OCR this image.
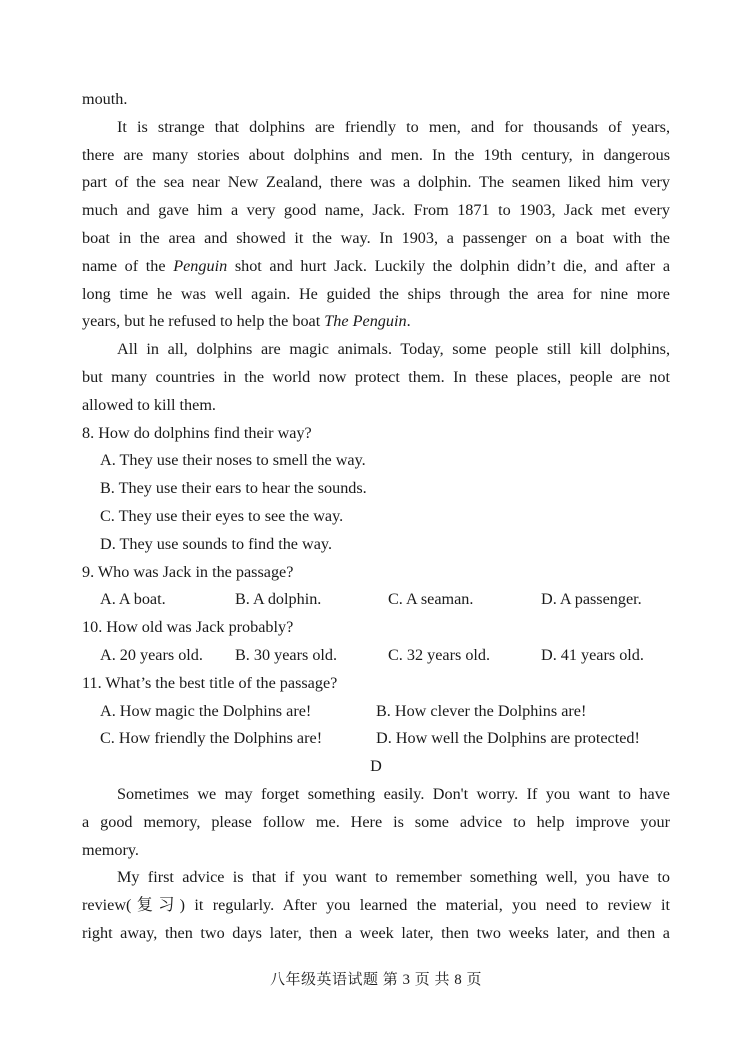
mouth.
It is strange that dolphins are friendly to men, and for thousands of years,
there are many stories about dolphins and men. In the 19th century, in dangerous
part of the sea near New Zealand, there was a dolphin. The seamen liked him very
much and gave him a very good name, Jack. From 1871 to 1903, Jack met every
boat in the area and showed it the way. In 1903, a passenger on a boat with the
name of the Penguin shot and hurt Jack. Luckily the dolphin didn’t die, and after a
long time he was well again. He guided the ships through the area for nine more
years, but he refused to help the boat The Penguin.
All in all, dolphins are magic animals. Today, some people still kill dolphins,
but many countries in the world now protect them. In these places, people are not
allowed to kill them.
8. How do dolphins find their way?
A. They use their noses to smell the way.
B. They use their ears to hear the sounds.
C. They use their eyes to see the way.
D. They use sounds to find the way.
9. Who was Jack in the passage?
A. A boat.	B. A dolphin.	C. A seaman.	D. A passenger.
10. How old was Jack probably?
A. 20 years old. B. 30 years old.	C. 32 years old.	D. 41 years old.
11. What’s the best title of the passage?
A. How magic the Dolphins are!	B. How clever the Dolphins are!
C. How friendly the Dolphins are!	D. How well the Dolphins are protected!
D
Sometimes we may forget something easily. Don't worry. If you want to have
a good memory, please follow me. Here is some advice to help improve your
memory.
My first advice is that if you want to remember something well, you have to
review(复习) it regularly. After you learned the material, you need to review it
right away, then two days later, then a week later, then two weeks later, and then a
八年级英语试题 第 3 页 共 8 页
